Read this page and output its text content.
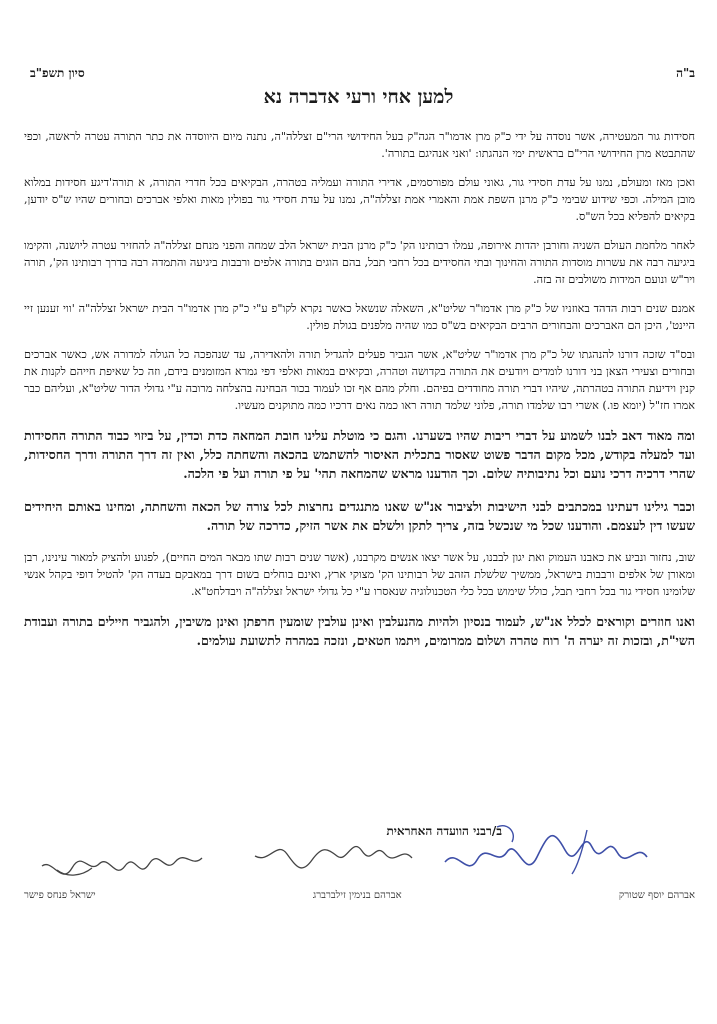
ב"ה
סיון תשפ"ב
למען אחי ורעי אדברה נא

חסידות גור המעטירה, אשר נוסדה על ידי כ"ק מרן אדמו"ר הגה"ק בעל החידושי הרי"ם זצללה"ה, נתנה מיום היווסדה את כתר התורה עטרה לראשה, וכפי שהתבטא מרן החידושי הרי"ם בראשית ימי הנהגתו: 'ואני אנהיגם בתורה'.

ואכן מאז ומעולם, נמנו על עדת חסידי גור, גאוני עולם מפורסמים, אדירי התורה ועמליה בטהרה, הבקיאים בכל חדרי התורה, א תורה'דיגע חסידות במלוא מובן המילה. וכפי שידוע שבימי כ"ק מרנן השפת אמת והאמרי אמת זצללה"ה, נמנו על עדת חסידי גור בפולין מאות ואלפי אברכים ובחורים שהיו ש"ס יודען, בקיאים להפליא בכל הש"ס.

לאחר מלחמת העולם השניה וחורבן יהדות אירופה, עמלו רבותינו הק' כ"ק מרנן הבית ישראל הלב שמחה והפני מנחם זצללה"ה להחזיר עטרה ליושנה, והקימו ביגיעה רבה את עשרות מוסדות התורה והחינוך ובתי החסידים בכל רחבי תבל, בהם הוגים בתורה אלפים ורבבות ביגיעה והתמדה רבה בדרך רבותינו הק', תורה ויר"ש ונועם המידות משולבים זה בזה.

אמנם שנים רבות הדהד באוזניו של כ"ק מרן אדמו"ר שליט"א, השאלה שנשאל כאשר נקרא לקו"פ ע"י כ"ק מרן אדמו"ר הבית ישראל זצללה"ה 'ווי זענען זיי היינט', היכן הם האברכים והבחורים הרבים הבקיאים בש"ס כמו שהיה מלפנים בגולת פולין.

ובס"ד שזכה דורנו להנהגתו של כ"ק מרן אדמו"ר שליט"א, אשר הגביר פעלים להגדיל תורה ולהאדירה, עד שנהפכה כל הגולה למדורה אש, כאשר אברכים ובחורים וצעירי הצאן בני דורנו לומדים ויודעים את התורה בקדושה וטהרה, ובקיאים במאות ואלפי דפי גמרא המזומנים בידם, וזה כל שאיפת חייהם לקנות את קנין וידיעת התורה בטהרתה, שיהיו דברי תורה מחודדים בפיהם. וחלק מהם אף זכו לעמוד בכור הבחינה בהצלחה מרובה ע"י גדולי הדור שליט"א, ועליהם כבר אמרו חז"ל (יומא פו.) אשרי רבו שלמדו תורה, פלוני שלמד תורה ראו כמה נאים דרכיו כמה מתוקנים מעשיו.

ומה מאוד דאב לבנו לשמוע על דברי ריבות שהיו בשערנו. והגם כי מוטלת עלינו חובת המחאה כדת וכדין, על ביזוי כבוד התורה החסידות ועד למעלה בקודש, מכל מקום הדבר פשוט שאסור בתכלית האיסור להשתמש בהכאה והשחתה כלל, ואין זה דרך התורה ודרך החסידות, שהרי דרכיה דרכי נועם וכל נתיבותיה שלום. וכך הודענו מראש שהמחאה תהי' על פי תורה ועל פי הלכה.

וכבר גילינו דעתינו במכתבים לבני הישיבות ולציבור אנ"ש שאנו מתנגדים נחרצות לכל צורה של הכאה והשחתה, ומחינו באותם היחידים שעשו דין לעצמם. והודענו שכל מי שנכשל בזה, צריך לתקן ולשלם את אשר הזיק, כדרכה של תורה.

שוב, נחזור ונביע את כאבנו העמוק ואת יגון לבבנו, על אשר יצאו אנשים מקרבנו, (אשר שנים רבות שתו מבאר המים החיים), לפגוע ולהציק למאור עינינו, רבן ומאורן של אלפים ורבבות בישראל, ממשיך שלשלת הזהב של רבותינו הק' מצוקי ארץ, ואינם בוחלים בשום דרך במאבקם בעדה הק' להטיל דופי בקהל אנשי שלומינו חסידי גור בכל רחבי תבל, כולל שימוש בכל כלי הטכנולוגיה שנאסרו ע"י כל גדולי ישראל זצללה"ה ויבדלחט"א.

ואנו חוזרים וקוראים לכלל אנ"ש, לעמוד בנסיון ולהיות מהנעלבין ואינן עולבין שומעין חרפתן ואינן משיבין, ולהגביר חיילים בתורה ועבודת השי"ת, ובזכות זה יערה ה' רוח טהרה ושלום ממרומים, ויתמו חטאים, ונזכה במהרה לתשועת עולמים.

ב/רבני הוועדה האחראית
אברהם יוסף שטורק
אברהם בנימין זילברברג
ישראל פנחס פישר
